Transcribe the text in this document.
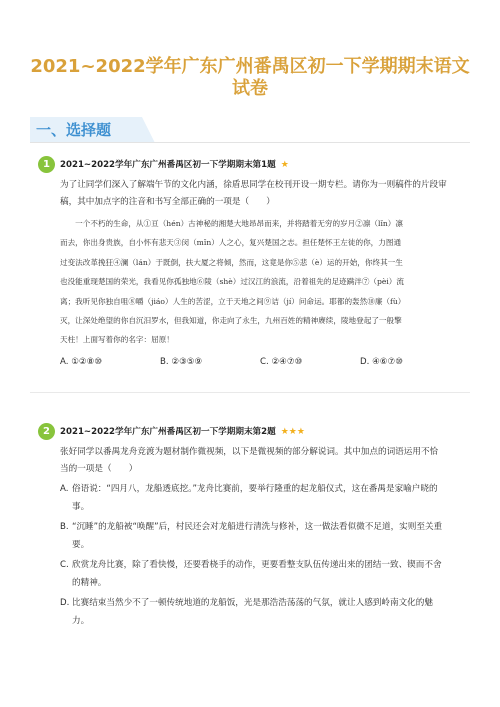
2021~2022学年广东广州番禺区初一下学期期末语文
试卷
一、选择题
1	2021~2022学年广东广州番禺区初一下学期期末第1题 ★
为了让同学们深入了解端午节的文化内涵，徐盾思同学在校刊开设一期专栏。请你为一则稿件的片段审
稿，其中加点字的注音和书写全部正确的一项是（　　）
　　一个不朽的生命，从①亘（hén）古神秘的湘楚大地昂昂而来，并将踏着无穷的岁月②凛（lǐn）凛
而去，你出身贵族，自小怀有悲天③闵（mǐn）人之心，复兴楚国之志。担任楚怀王左徒的你，力图通
过变法改革挽狂④澜（lán）于既倒，扶大厦之将倾，然而，这竟是你⑤悲（è）运的开始，你终其一生
也没能重现楚国的荣光，我看见你孤独地⑥陵（shè）过汉江的浪流，沿着祖先的足迹蹒泮⑦（pèi）流
离；我听见你独自咀⑧嚼（jiáo）人生的苦涩，立于天地之间⑨诘（jí）问命运。耶都的轰然⑩廉（fù）
灭，让深处绝望的你自沉汨罗水，但我知道，你走向了永生，九州百姓的精神赓续，陵地登起了一般擎
天柱！上面写着你的名字：屈原！
A. ①②⑧⑩	B. ②③⑤⑨	C. ②④⑦⑩	D. ④⑥⑦⑩
2	2021~2022学年广东广州番禺区初一下学期期末第2题 ★★★
张好同学以番禺龙舟竞渡为题材制作微视频，以下是微视频的部分解说词。其中加点的词语运用不恰
当的一项是（　　）
A. 俗语说：“四月八，龙船透底挖。”龙舟比赛前，要举行隆重的起龙船仪式，这在番禺是家喻户晓的
事。
B. “沉睡”的龙船被“唤醒”后，村民还会对龙船进行清洗与修补，这一做法看似微不足道，实则至关重
要。
C. 欣赏龙舟比赛，除了看快慢，还要看桡手的动作，更要看整支队伍传递出来的团结一致、锲而不舍
的精神。
D. 比赛结束当然少不了一顿传统地道的龙船饭，光是那浩浩荡荡的气氛，就让人感到岭南文化的魅
力。
